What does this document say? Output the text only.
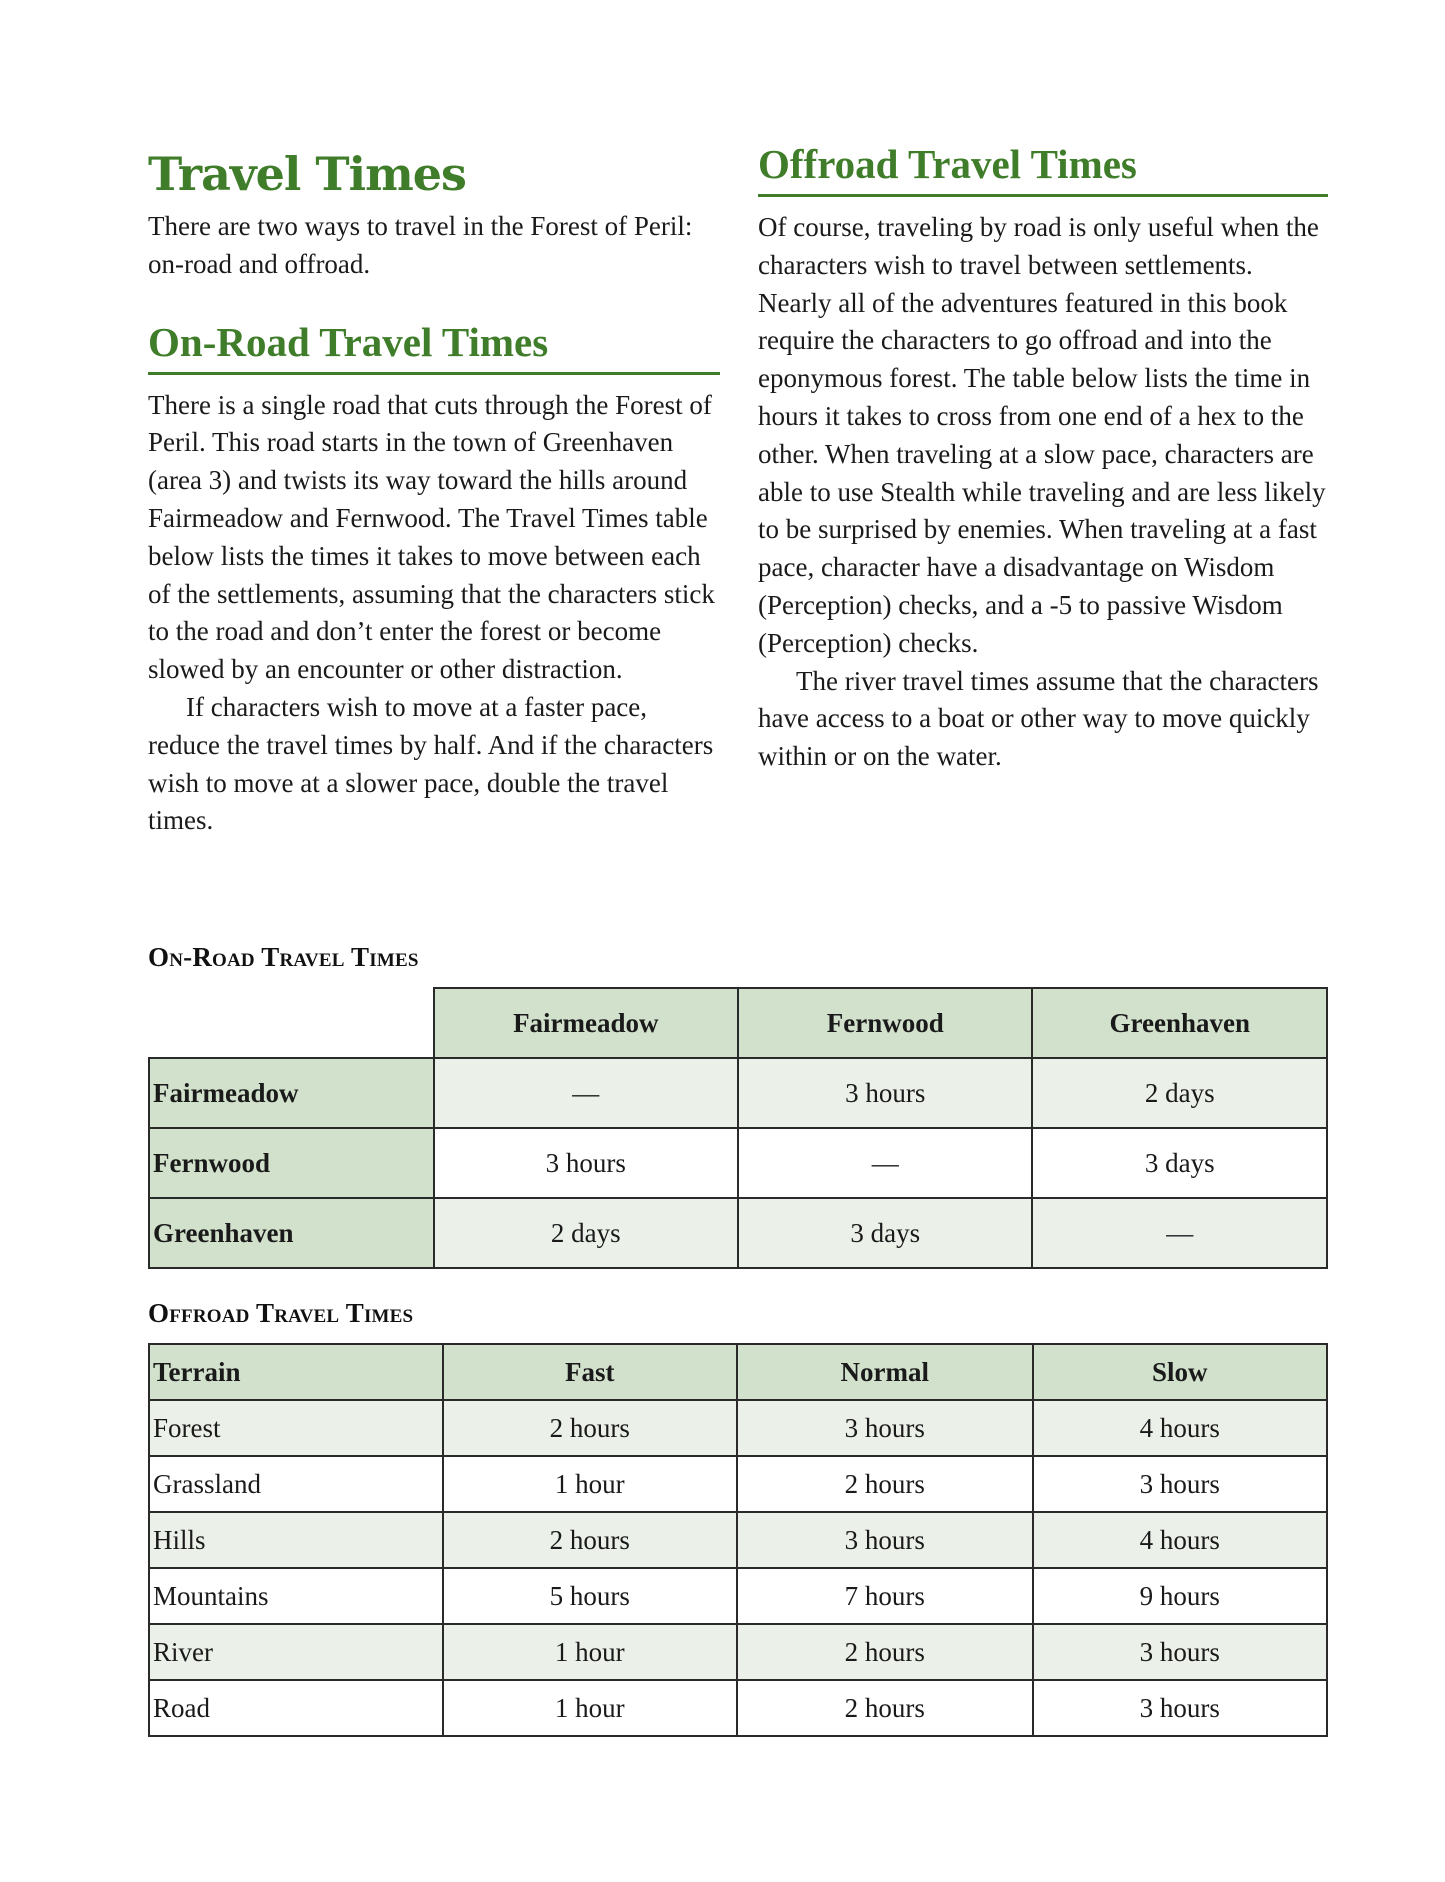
Travel Times

There are two ways to travel in the Forest of Peril: on-road and offroad.

On-Road Travel Times

There is a single road that cuts through the Forest of Peril. This road starts in the town of Greenhaven (area 3) and twists its way toward the hills around Fairmeadow and Fernwood. The Travel Times table below lists the times it takes to move between each of the settlements, assuming that the characters stick to the road and don’t enter the forest or become slowed by an encounter or other distraction.

If characters wish to move at a faster pace, reduce the travel times by half. And if the characters wish to move at a slower pace, double the travel times.

Offroad Travel Times

Of course, traveling by road is only useful when the characters wish to travel between settlements. Nearly all of the adventures featured in this book require the characters to go offroad and into the eponymous forest. The table below lists the time in hours it takes to cross from one end of a hex to the other. When traveling at a slow pace, characters are able to use Stealth while traveling and are less likely to be surprised by enemies. When traveling at a fast pace, character have a disadvantage on Wisdom (Perception) checks, and a -5 to passive Wisdom (Perception) checks.

The river travel times assume that the characters have access to a boat or other way to move quickly within or on the water.

On-Road Travel Times
	Fairmeadow	Fernwood	Greenhaven
Fairmeadow	—	3 hours	2 days
Fernwood	3 hours	—	3 days
Greenhaven	2 days	3 days	—
Offroad Travel Times
Terrain	Fast	Normal	Slow
Forest	2 hours	3 hours	4 hours
Grassland	1 hour	2 hours	3 hours
Hills	2 hours	3 hours	4 hours
Mountains	5 hours	7 hours	9 hours
River	1 hour	2 hours	3 hours
Road	1 hour	2 hours	3 hours
